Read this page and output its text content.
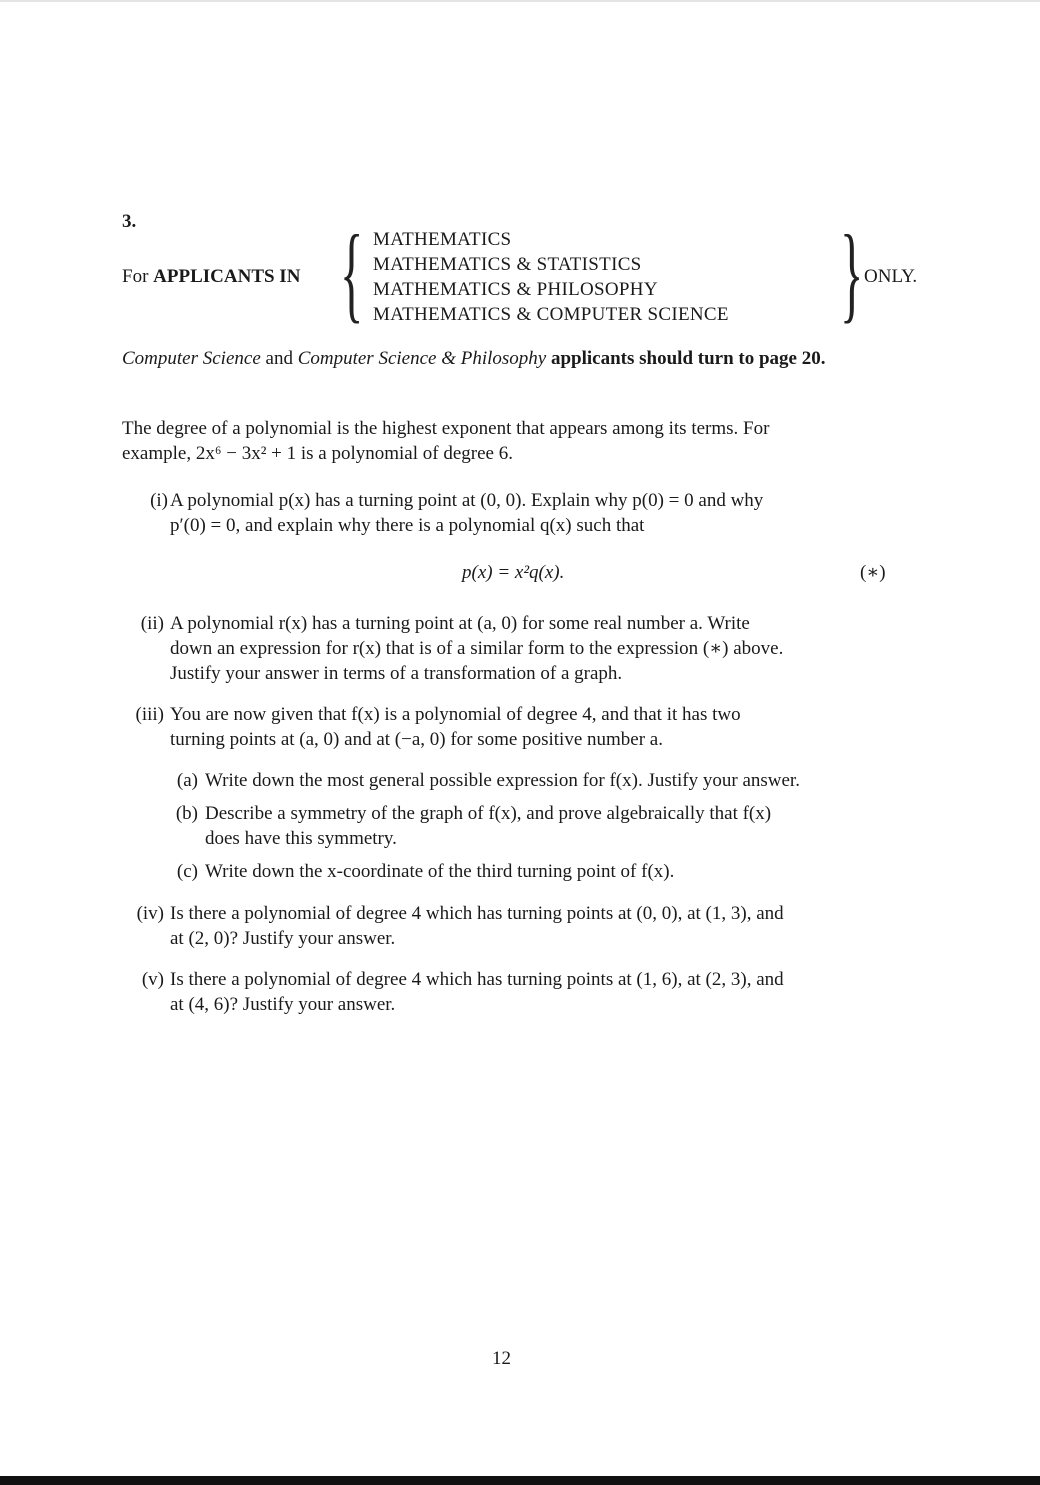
3.
For APPLICANTS IN { MATHEMATICS
MATHEMATICS & STATISTICS
MATHEMATICS & PHILOSOPHY
MATHEMATICS & COMPUTER SCIENCE } ONLY.
Computer Science and Computer Science & Philosophy applicants should turn to page 20.
The degree of a polynomial is the highest exponent that appears among its terms. For
example, 2x⁶ − 3x² + 1 is a polynomial of degree 6.
(i) A polynomial p(x) has a turning point at (0, 0). Explain why p(0) = 0 and why
p′(0) = 0, and explain why there is a polynomial q(x) such that
p(x) = x²q(x).	(∗)
(ii) A polynomial r(x) has a turning point at (a, 0) for some real number a. Write
down an expression for r(x) that is of a similar form to the expression (∗) above.
Justify your answer in terms of a transformation of a graph.
(iii) You are now given that f(x) is a polynomial of degree 4, and that it has two
turning points at (a, 0) and at (−a, 0) for some positive number a.
(a) Write down the most general possible expression for f(x). Justify your answer.
(b) Describe a symmetry of the graph of f(x), and prove algebraically that f(x)
does have this symmetry.
(c) Write down the x-coordinate of the third turning point of f(x).
(iv) Is there a polynomial of degree 4 which has turning points at (0, 0), at (1, 3), and
at (2, 0)? Justify your answer.
(v) Is there a polynomial of degree 4 which has turning points at (1, 6), at (2, 3), and
at (4, 6)? Justify your answer.
12
